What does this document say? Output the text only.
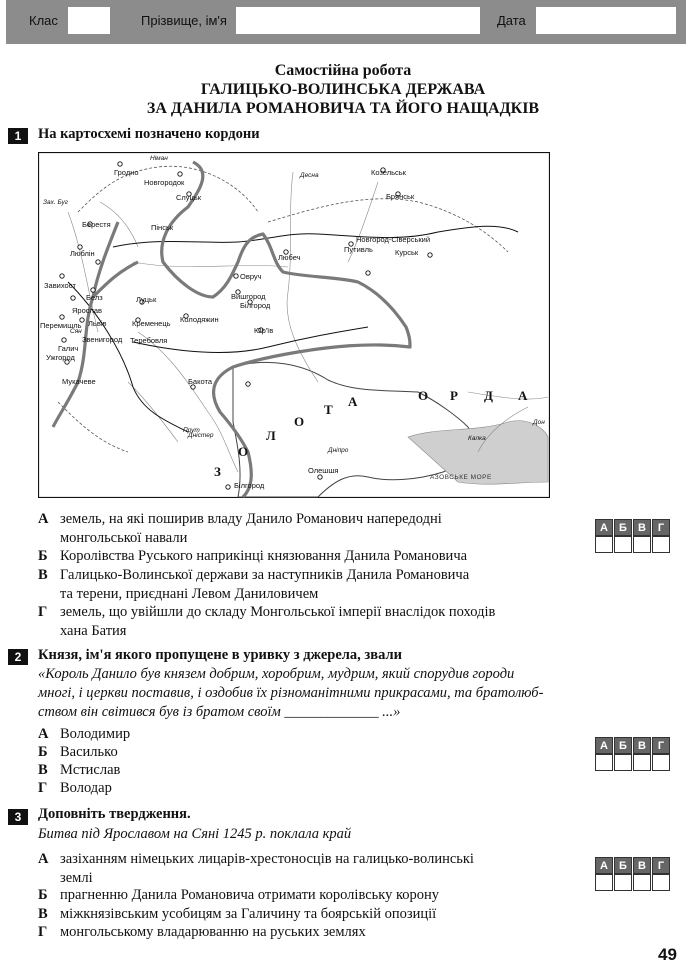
Клас	Прізвище, ім'я	Дата
Самостійна робота
ГАЛИЦЬКО-ВОЛИНСЬКА ДЕРЖАВА
ЗА ДАНИЛА РОМАНОВИЧА ТА ЙОГО НАЩАДКІВ
1	На картосхемі позначено кордони
Німан
Гродно
Новгородок
Слуцьк
Пінськ
Зах. Буг
Берестя
Люблін
Завихост
Белз
Ярослав
Луцьк
Перемишль Львів	Кременець Колодяжин
Сян
Звенигород Теребовля
Галич
Ужгород
Мукачеве	Бакота
Овруч
Вишгород
Білгород
Юр'їв
Любеч
Путивль
Новгород-Сіверський
Козельськ
Брянськ
Курськ
Десна
Дністер
Дніпро
Прут
Дон
Калка
Олешшя
Білгород
АЗОВСЬКЕ МОРЕ
З
О
Л
О
Т
А	О Р Д А
А земель, на які поширив владу Данило Романович напередодні
монгольської навали
Б Королівства Руського наприкінці князювання Данила Романовича
В Галицько-Волинської держави за наступників Данила Романовича
та терени, приєднані Левом Даниловичем
Г земель, що увійшли до складу Монгольської імперії внаслідок походів
хана Батия
А	Б	В	Г
2	Князя, ім'я якого пропущене в уривку з джерела, звали
«Король Данило був князем добрим, хоробрим, мудрим, який спорудив городи
многі, і церкви поставив, і оздобив їх різноманітними прикрасами, та братолюб-
ством він світився був із братом своїм _____________ ...»
А Володимир
Б Василько
В Мстислав
Г Володар
А	Б	В	Г
3	Доповніть твердження.
Битва під Ярославом на Сяні 1245 р. поклала край
А зазіханням німецьких лицарів-хрестоносців на галицько-волинські
землі
Б прагненню Данила Романовича отримати королівську корону
В міжкнязівським усобицям за Галичину та боярській опозиції
Г монгольському владарюванню на руських землях
А	Б	В	Г
49
